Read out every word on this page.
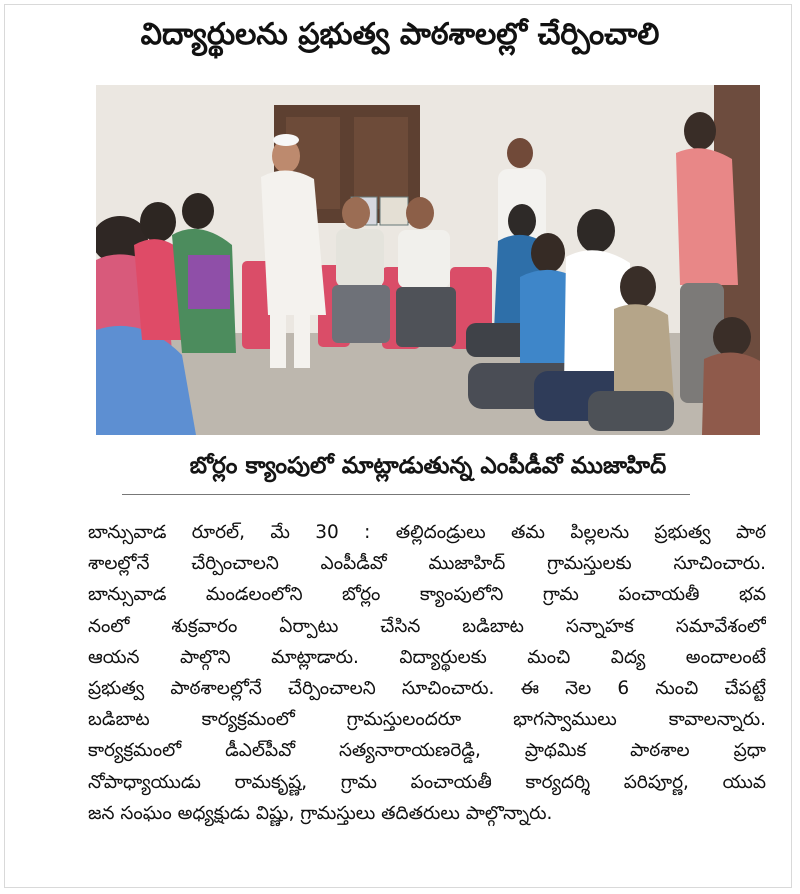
విద్యార్థులను ప్రభుత్వ పాఠశాలల్లో చేర్పించాలి
బోర్లం క్యాంపులో మాట్లాడుతున్న ఎంపీడీవో ముజాహిద్
బాన్సువాడ రూరల్, మే 30 : తల్లిదండ్రులు తమ పిల్లలను ప్రభుత్వ పాఠ
శాలల్లోనే చేర్పించాలని ఎంపీడీవో ముజాహిద్ గ్రామస్తులకు సూచించారు.
బాన్సువాడ మండలంలోని బోర్లం క్యాంపులోని గ్రామ పంచాయతీ భవ
నంలో శుక్రవారం ఏర్పాటు చేసిన బడిబాట సన్నాహక సమావేశంలో
ఆయన పాల్గొని మాట్లాడారు. విద్యార్థులకు మంచి విద్య అందాలంటే
ప్రభుత్వ పాఠశాలల్లోనే చేర్పించాలని సూచించారు. ఈ నెల 6 నుంచి చేపట్టే
బడిబాట కార్యక్రమంలో గ్రామస్తులందరూ భాగస్వాములు కావాలన్నారు.
కార్యక్రమంలో డీఎల్‌పీవో సత్యనారాయణరెడ్డి, ప్రాథమిక పాఠశాల ప్రధా
నోపాధ్యాయుడు రామకృష్ణ, గ్రామ పంచాయతీ కార్యదర్శి పరిపూర్ణ, యువ
జన సంఘం అధ్యక్షుడు విష్ణు, గ్రామస్తులు తదితరులు పాల్గొన్నారు.
